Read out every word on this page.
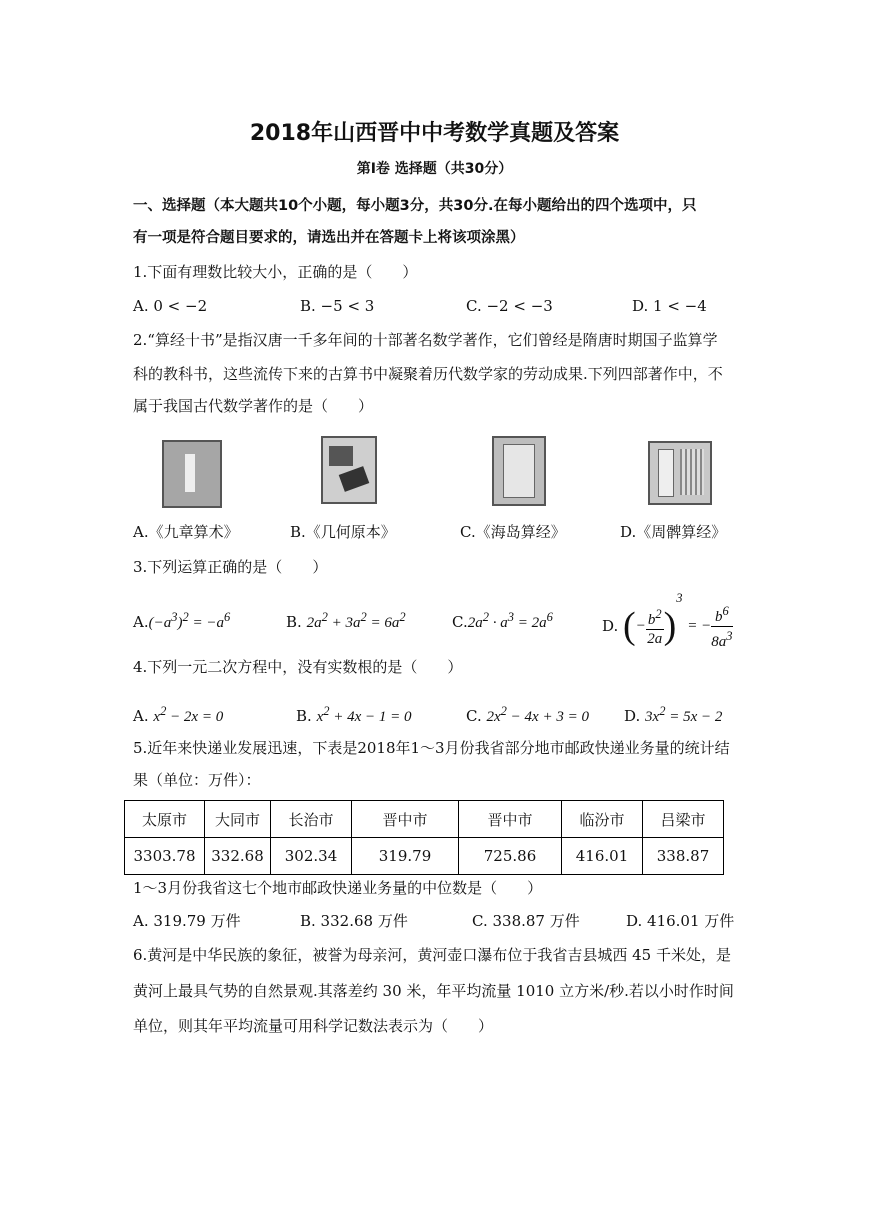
2018年山西晋中中考数学真题及答案
第Ⅰ卷 选择题（共30分）
一、选择题（本大题共10个小题，每小题3分，共30分.在每小题给出的四个选项中，只
有一项是符合题目要求的，请选出并在答题卡上将该项涂黑）
1.下面有理数比较大小，正确的是（　　）
A. 0 < −2	B. −5 < 3	C. −2 < −3	D. 1 < −4
2.“算经十书”是指汉唐一千多年间的十部著名数学著作，它们曾经是隋唐时期国子监算学
科的教科书，这些流传下来的古算书中凝聚着历代数学家的劳动成果.下列四部著作中，不
属于我国古代数学著作的是（　　）
A.《九章算术》	B.《几何原本》	C.《海岛算经》	D.《周髀算经》
3.下列运算正确的是（　　）
$A.(-a^3)^2 = -a^6$	B. $2a^2 + 3a^2 = 6a^2$	$C.2a^2 \cdot a^3 = 2a^6$	D. (− $\frac{b^2}{2a} )^3$ = − $\frac{b^6}{8a^3}$
4.下列一元二次方程中，没有实数根的是（　　）
A. $x^2 - 2x = 0$	B. $x^2 + 4x - 1 = 0$	C. $2x^2 - 4x + 3 = 0$ D. $3x^2 = 5x - 2$
5.近年来快递业发展迅速，下表是2018年1～3月份我省部分地市邮政快递业务量的统计结
果（单位：万件）：
太原市	大同市	长治市	晋中市	晋中市	临汾市	吕梁市
3303.78	332.68	302.34	319.79	725.86	416.01	338.87
1～3月份我省这七个地市邮政快递业务量的中位数是（　　）
A. 319.79 万件	B. 332.68 万件	C. 338.87 万件	D. 416.01 万件
6.黄河是中华民族的象征，被誉为母亲河，黄河壶口瀑布位于我省吉县城西 45 千米处，是
黄河上最具气势的自然景观.其落差约 30 米，年平均流量 1010 立方米/秒.若以小时作时间
单位，则其年平均流量可用科学记数法表示为（　　）
